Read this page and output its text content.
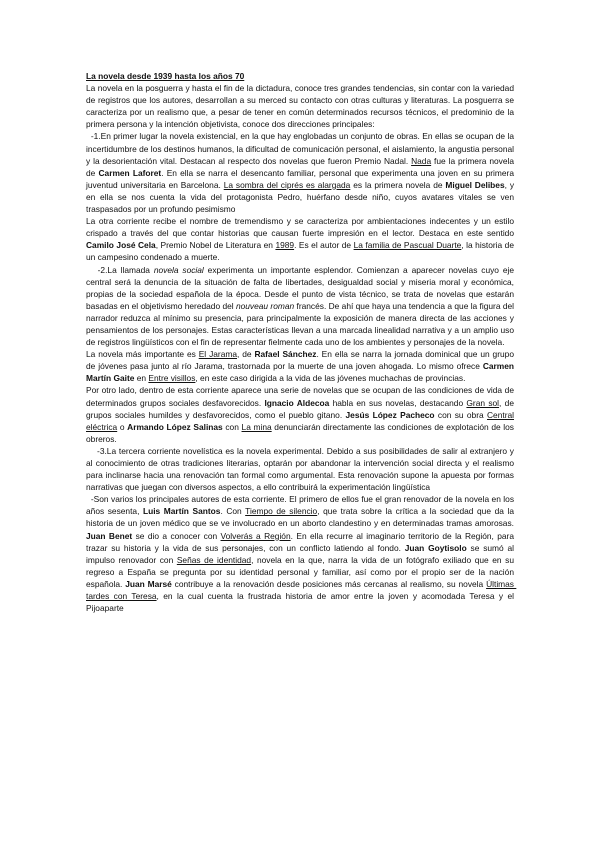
La novela desde 1939 hasta los años 70

La novela en la posguerra y hasta el fin de la dictadura, conoce tres grandes tendencias, sin contar con la variedad de registros que los autores, desarrollan a su merced su contacto con otras culturas y literaturas. La posguerra se caracteriza por un realismo que, a pesar de tener en común determinados recursos técnicos, el predominio de la primera persona y la intención objetivista, conoce dos direcciones principales:

-1.En primer lugar la novela existencial, en la que hay englobadas un conjunto de obras. En ellas se ocupan de la incertidumbre de los destinos humanos, la dificultad de comunicación personal, el aislamiento, la angustia personal y la desorientación vital. Destacan al respecto dos novelas que fueron Premio Nadal. Nada fue la primera novela de Carmen Laforet. En ella se narra el desencanto familiar, personal que experimenta una joven en su primera juventud universitaria en Barcelona. La sombra del ciprés es alargada es la primera novela de Miguel Delibes, y en ella se nos cuenta la vida del protagonista Pedro, huérfano desde niño, cuyos avatares vitales se ven traspasados por un profundo pesimismo

La otra corriente recibe el nombre de tremendismo y se caracteriza por ambientaciones indecentes y un estilo crispado a través del que contar historias que causan fuerte impresión en el lector. Destaca en este sentido Camilo José Cela, Premio Nobel de Literatura en 1989. Es el autor de La familia de Pascual Duarte, la historia de un campesino condenado a muerte.

-2.La llamada novela social experimenta un importante esplendor. Comienzan a aparecer novelas cuyo eje central será la denuncia de la situación de falta de libertades, desigualdad social y miseria moral y económica, propias de la sociedad española de la época. Desde el punto de vista técnico, se trata de novelas que estarán basadas en el objetivismo heredado del nouveau roman francés. De ahí que haya una tendencia a que la figura del narrador reduzca al mínimo su presencia, para principalmente la exposición de manera directa de las acciones y pensamientos de los personajes. Estas características llevan a una marcada linealidad narrativa y a un amplio uso de registros lingüísticos con el fin de representar fielmente cada uno de los ambientes y personajes de la novela.

La novela más importante es El Jarama, de Rafael Sánchez. En ella se narra la jornada dominical que un grupo de jóvenes pasa junto al río Jarama, trastornada por la muerte de una joven ahogada. Lo mismo ofrece Carmen Martín Gaite en Entre visillos, en este caso dirigida a la vida de las jóvenes muchachas de provincias.

Por otro lado, dentro de esta corriente aparece una serie de novelas que se ocupan de las condiciones de vida de determinados grupos sociales desfavorecidos. Ignacio Aldecoa habla en sus novelas, destacando Gran sol, de grupos sociales humildes y desfavorecidos, como el pueblo gitano. Jesús López Pacheco con su obra Central eléctrica o Armando López Salinas con La mina denunciarán directamente las condiciones de explotación de los obreros.

-3.La tercera corriente novelística es la novela experimental. Debido a sus posibilidades de salir al extranjero y al conocimiento de otras tradiciones literarias, optarán por abandonar la intervención social directa y el realismo para inclinarse hacia una renovación tan formal como argumental. Esta renovación supone la apuesta por formas narrativas que juegan con diversos aspectos, a ello contribuirá la experimentación lingüística

-Son varios los principales autores de esta corriente. El primero de ellos fue el gran renovador de la novela en los años sesenta, Luis Martín Santos. Con Tiempo de silencio, que trata sobre la crítica a la sociedad que da la historia de un joven médico que se ve involucrado en un aborto clandestino y en determinadas tramas amorosas. Juan Benet se dio a conocer con Volverás a Región. En ella recurre al imaginario territorio de la Región, para trazar su historia y la vida de sus personajes, con un conflicto latiendo al fondo. Juan Goytisolo se sumó al impulso renovador con Señas de identidad, novela en la que, narra la vida de un fotógrafo exiliado que en su regreso a España se pregunta por su identidad personal y familiar, así como por el propio ser de la nación española. Juan Marsé contribuye a la renovación desde posiciones más cercanas al realismo, su novela Últimas tardes con Teresa, en la cual cuenta la frustrada historia de amor entre la joven y acomodada Teresa y el Pijoaparte
